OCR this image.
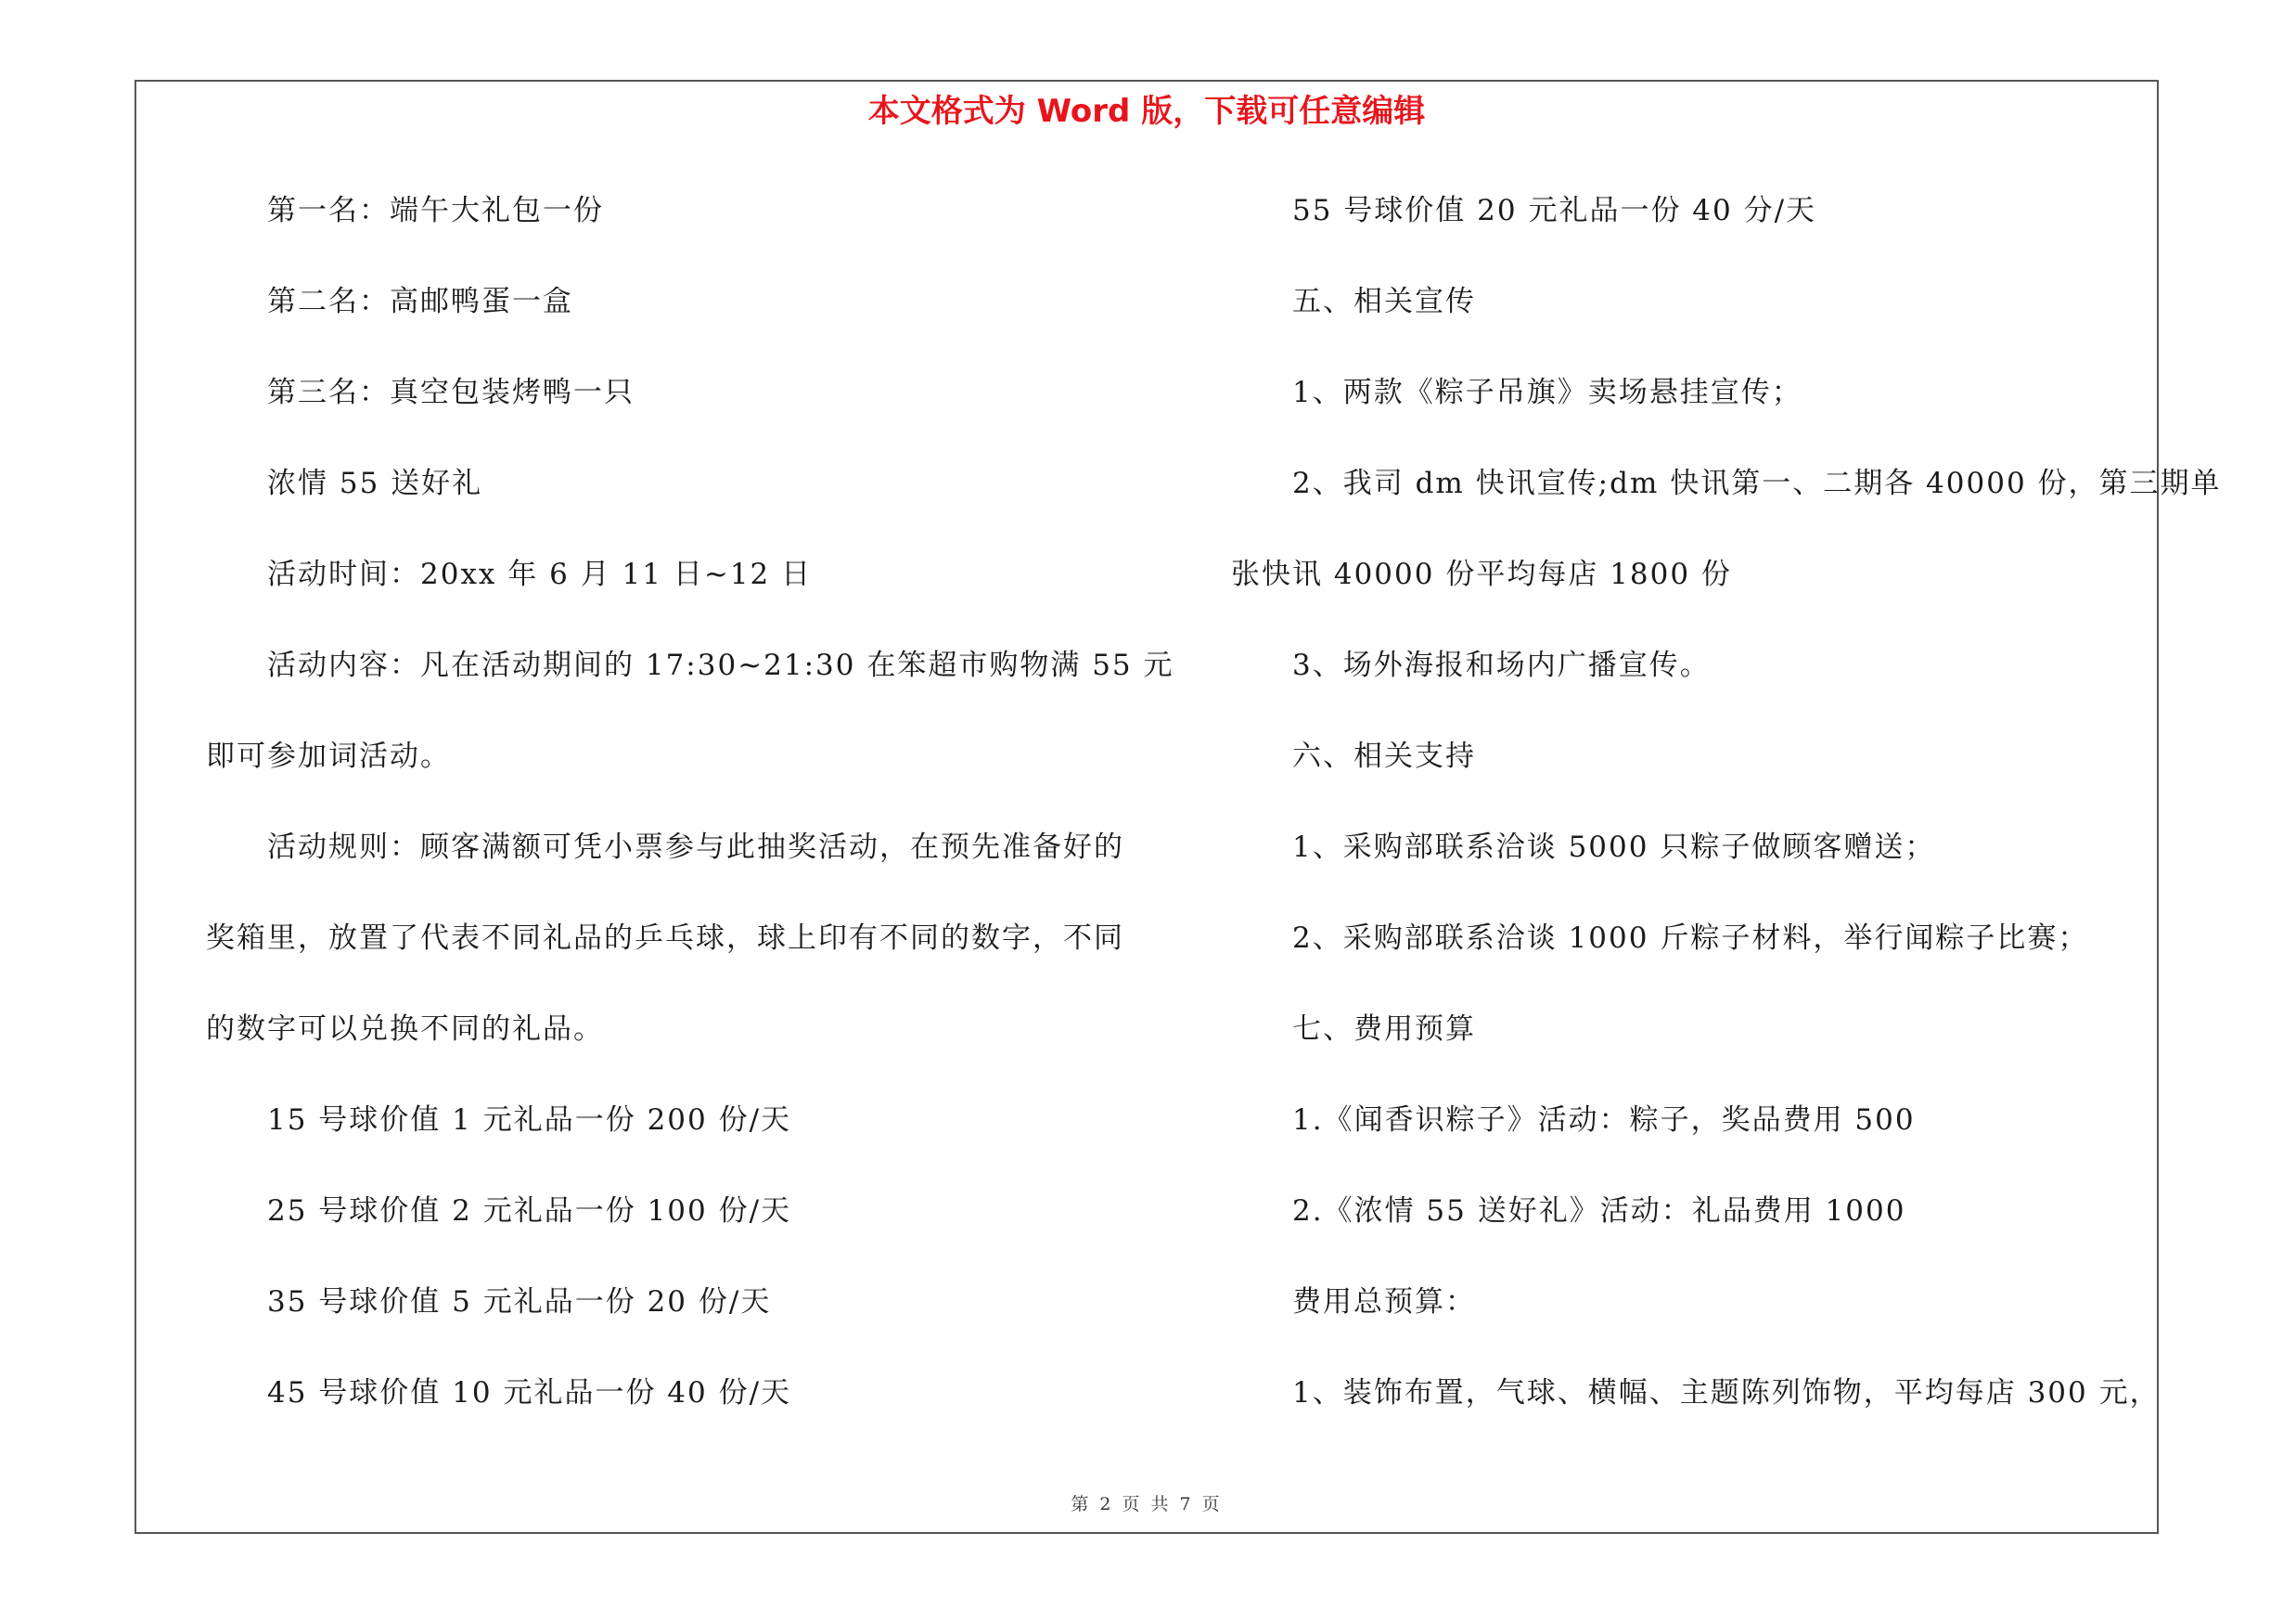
本文格式为 Word 版，下载可任意编辑
第一名：端午大礼包一份
第二名：高邮鸭蛋一盒
第三名：真空包装烤鸭一只
浓情 55 送好礼
活动时间：20xx 年 6 月 11 日~12 日
活动内容：凡在活动期间的 17:30~21:30 在笨超市购物满 55 元
即可参加词活动。
活动规则：顾客满额可凭小票参与此抽奖活动，在预先准备好的
奖箱里，放置了代表不同礼品的乒乓球，球上印有不同的数字，不同
的数字可以兑换不同的礼品。
15 号球价值 1 元礼品一份 200 份/天
25 号球价值 2 元礼品一份 100 份/天
35 号球价值 5 元礼品一份 20 份/天
45 号球价值 10 元礼品一份 40 份/天
55 号球价值 20 元礼品一份 40 分/天
五、相关宣传
1、两款《粽子吊旗》卖场悬挂宣传；
2、我司 dm 快讯宣传;dm 快讯第一、二期各 40000 份，第三期单
张快讯 40000 份平均每店 1800 份
3、场外海报和场内广播宣传。
六、相关支持
1、采购部联系洽谈 5000 只粽子做顾客赠送；
2、采购部联系洽谈 1000 斤粽子材料，举行闻粽子比赛；
七、费用预算
1.《闻香识粽子》活动：粽子，奖品费用 500
2.《浓情 55 送好礼》活动：礼品费用 1000
费用总预算：
1、装饰布置，气球、横幅、主题陈列饰物，平均每店 300 元，
第 2 页 共 7 页
